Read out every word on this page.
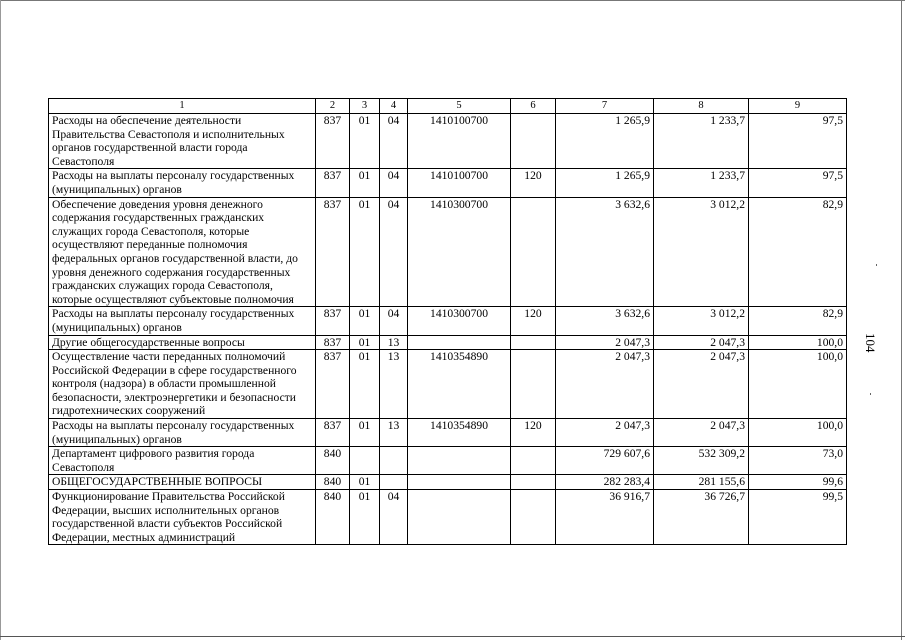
1	2	3	4	5	6	7	8	9
Расходы на обеспечение деятельности Правительства Севастополя и исполнительных органов государственной власти города Севастополя	837	01	04	1410100700		1 265,9	1 233,7	97,5
Расходы на выплаты персоналу государственных (муниципальных) органов	837	01	04	1410100700	120	1 265,9	1 233,7	97,5
Обеспечение доведения уровня денежного содержания государственных гражданских служащих города Севастополя, которые осуществляют переданные полномочия федеральных органов государственной власти, до уровня денежного содержания государственных гражданских служащих города Севастополя, которые осуществляют субъектовые полномочия	837	01	04	1410300700		3 632,6	3 012,2	82,9
Расходы на выплаты персоналу государственных (муниципальных) органов	837	01	04	1410300700	120	3 632,6	3 012,2	82,9
Другие общегосударственные вопросы	837	01	13			2 047,3	2 047,3	100,0
Осуществление части переданных полномочий Российской Федерации в сфере государственного контроля (надзора) в области промышленной безопасности, электроэнергетики и безопасности гидротехнических сооружений	837	01	13	1410354890		2 047,3	2 047,3	100,0
Расходы на выплаты персоналу государственных (муниципальных) органов	837	01	13	1410354890	120	2 047,3	2 047,3	100,0
Департамент цифрового развития города Севастополя	840					729 607,6	532 309,2	73,0
ОБЩЕГОСУДАРСТВЕННЫЕ ВОПРОСЫ	840	01				282 283,4	281 155,6	99,6
Функционирование Правительства Российской Федерации, высших исполнительных органов государственной власти субъектов Российской Федерации, местных администраций	840	01	04			36 916,7	36 726,7	99,5
104
